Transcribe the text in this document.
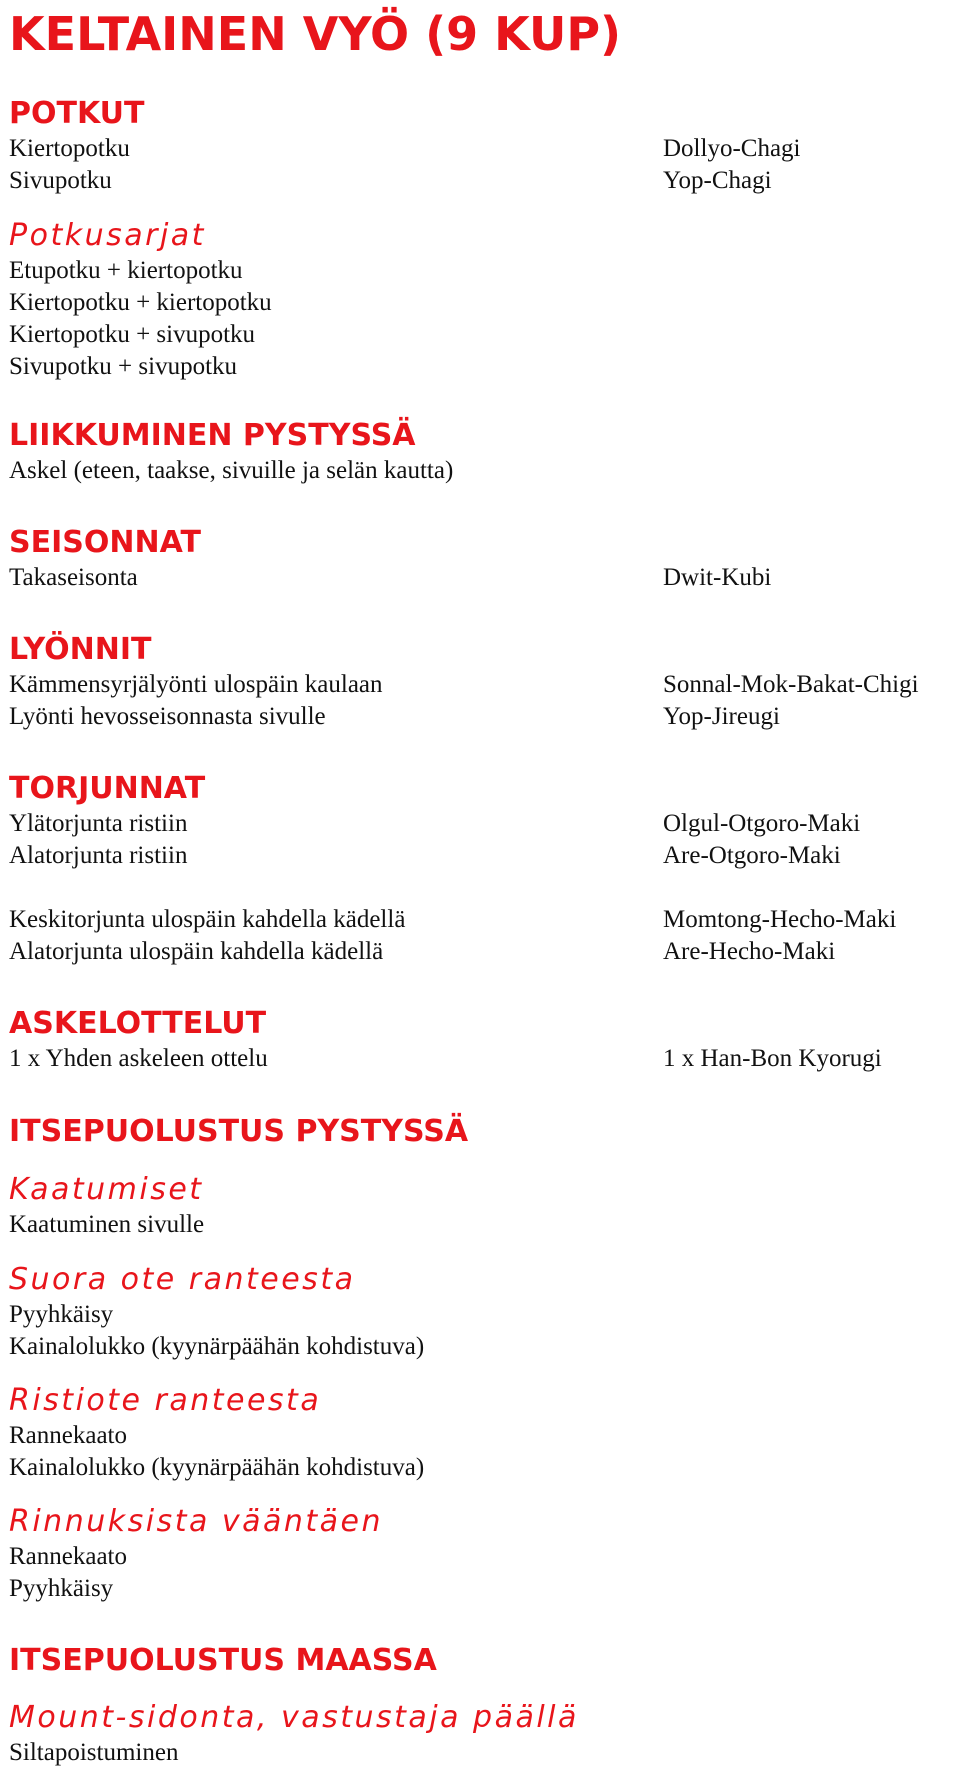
KELTAINEN VYÖ (9 KUP)
POTKUT
Kiertopotku	Dollyo-Chagi
Sivupotku	Yop-Chagi
Potkusarjat
Etupotku + kiertopotku
Kiertopotku + kiertopotku
Kiertopotku + sivupotku
Sivupotku + sivupotku
LIIKKUMINEN PYSTYSSÄ
Askel (eteen, taakse, sivuille ja selän kautta)
SEISONNAT
Takaseisonta	Dwit-Kubi
LYÖNNIT
Kämmensyrjälyönti ulospäin kaulaan	Sonnal-Mok-Bakat-Chigi
Lyönti hevosseisonnasta sivulle	Yop-Jireugi
TORJUNNAT
Ylätorjunta ristiin	Olgul-Otgoro-Maki
Alatorjunta ristiin	Are-Otgoro-Maki
Keskitorjunta ulospäin kahdella kädellä	Momtong-Hecho-Maki
Alatorjunta ulospäin kahdella kädellä	Are-Hecho-Maki
ASKELOTTELUT
1 x Yhden askeleen ottelu	1 x Han-Bon Kyorugi
ITSEPUOLUSTUS PYSTYSSÄ
Kaatumiset
Kaatuminen sivulle
Suora ote ranteesta
Pyyhkäisy
Kainalolukko (kyynärpäähän kohdistuva)
Ristiote ranteesta
Rannekaato
Kainalolukko (kyynärpäähän kohdistuva)
Rinnuksista vääntäen
Rannekaato
Pyyhkäisy
ITSEPUOLUSTUS MAASSA
Mount-sidonta, vastustaja päällä
Siltapoistuminen
